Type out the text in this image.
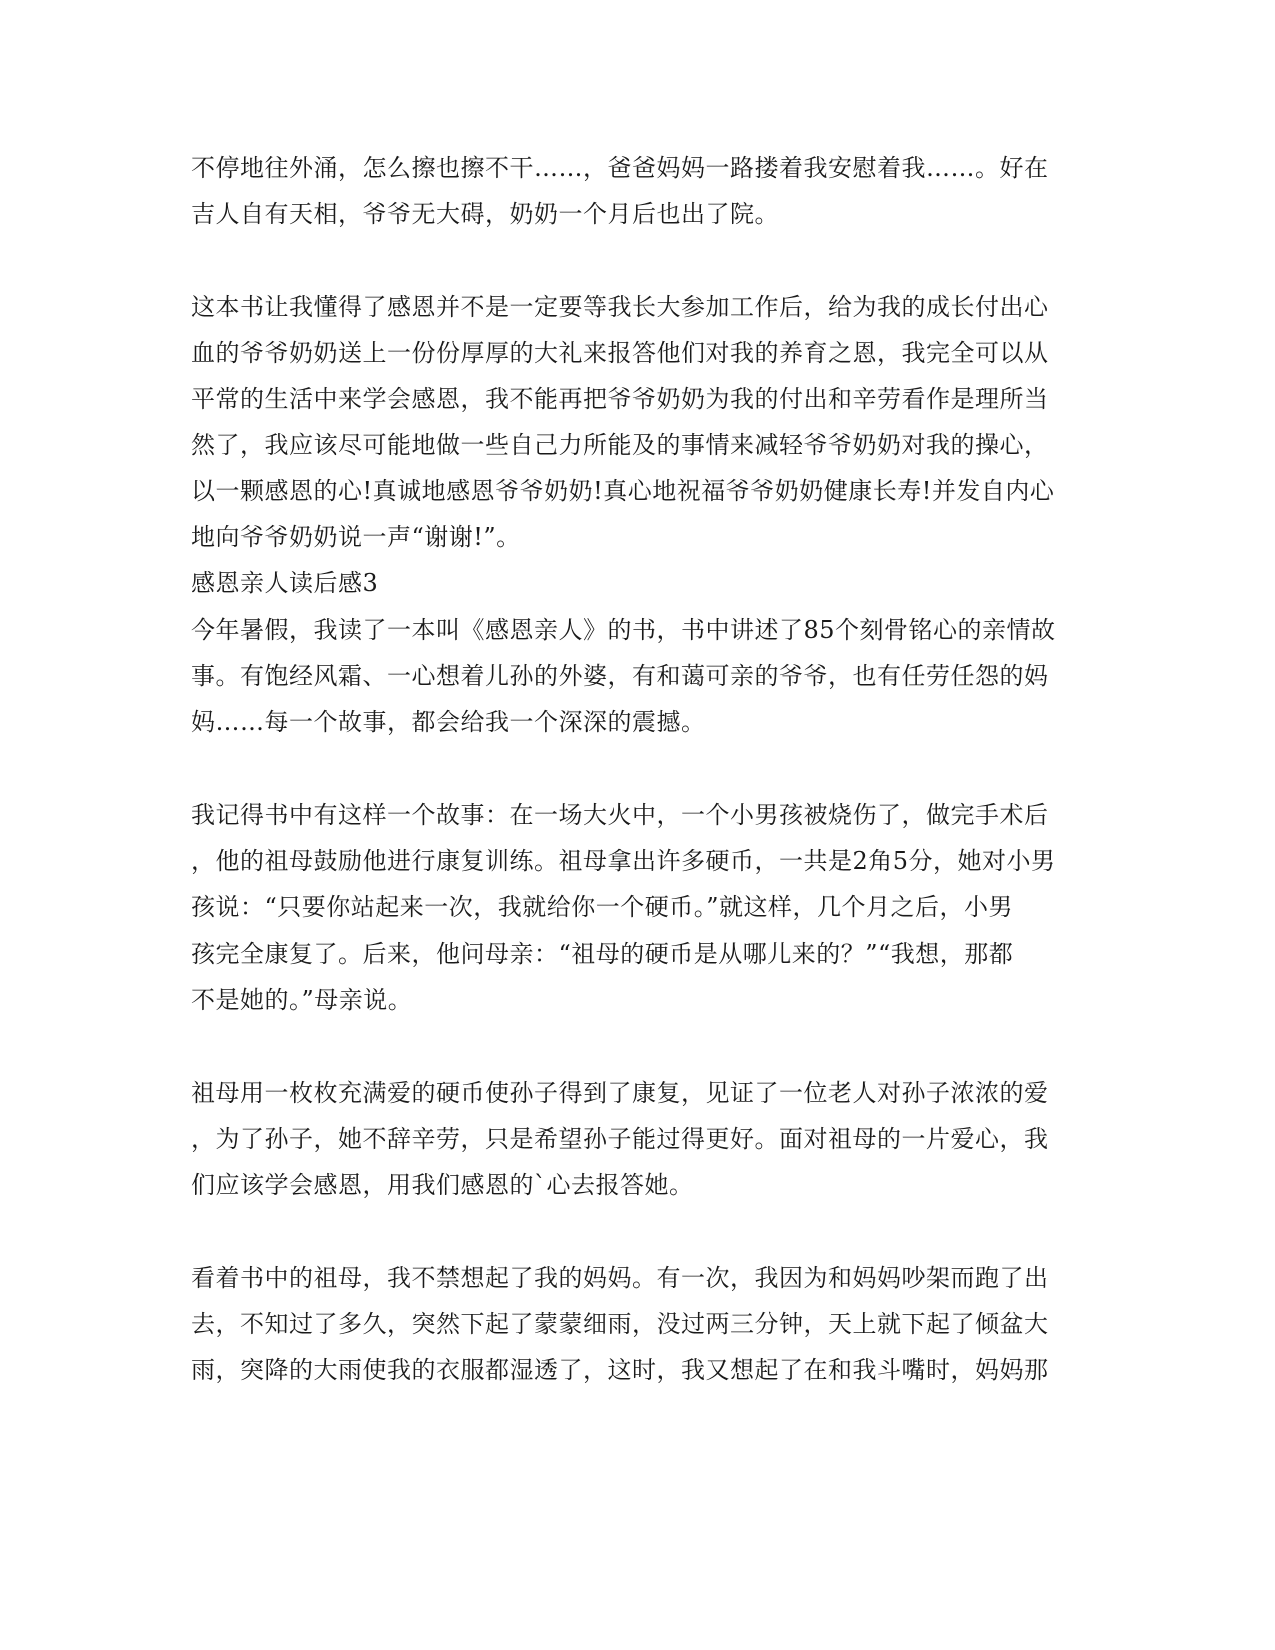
不停地往外涌，怎么擦也擦不干……，爸爸妈妈一路搂着我安慰着我……。好在
吉人自有天相，爷爷无大碍，奶奶一个月后也出了院。
这本书让我懂得了感恩并不是一定要等我长大参加工作后，给为我的成长付出心
血的爷爷奶奶送上一份份厚厚的大礼来报答他们对我的养育之恩，我完全可以从
平常的生活中来学会感恩，我不能再把爷爷奶奶为我的付出和辛劳看作是理所当
然了，我应该尽可能地做一些自己力所能及的事情来减轻爷爷奶奶对我的操心，
以一颗感恩的心!真诚地感恩爷爷奶奶!真心地祝福爷爷奶奶健康长寿!并发自内心
地向爷爷奶奶说一声“谢谢!”。
感恩亲人读后感3
今年暑假，我读了一本叫《感恩亲人》的书，书中讲述了85个刻骨铭心的亲情故
事。有饱经风霜、一心想着儿孙的外婆，有和蔼可亲的爷爷，也有任劳任怨的妈
妈……每一个故事，都会给我一个深深的震撼。
我记得书中有这样一个故事：在一场大火中，一个小男孩被烧伤了，做完手术后
，他的祖母鼓励他进行康复训练。祖母拿出许多硬币，一共是2角5分，她对小男
孩说：“只要你站起来一次，我就给你一个硬币。”就这样，几个月之后，小男
孩完全康复了。后来，他问母亲：“祖母的硬币是从哪儿来的？”“我想，那都
不是她的。”母亲说。
祖母用一枚枚充满爱的硬币使孙子得到了康复，见证了一位老人对孙子浓浓的爱
，为了孙子，她不辞辛劳，只是希望孙子能过得更好。面对祖母的一片爱心，我
们应该学会感恩，用我们感恩的`心去报答她。
看着书中的祖母，我不禁想起了我的妈妈。有一次，我因为和妈妈吵架而跑了出
去，不知过了多久，突然下起了蒙蒙细雨，没过两三分钟，天上就下起了倾盆大
雨，突降的大雨使我的衣服都湿透了，这时，我又想起了在和我斗嘴时，妈妈那
